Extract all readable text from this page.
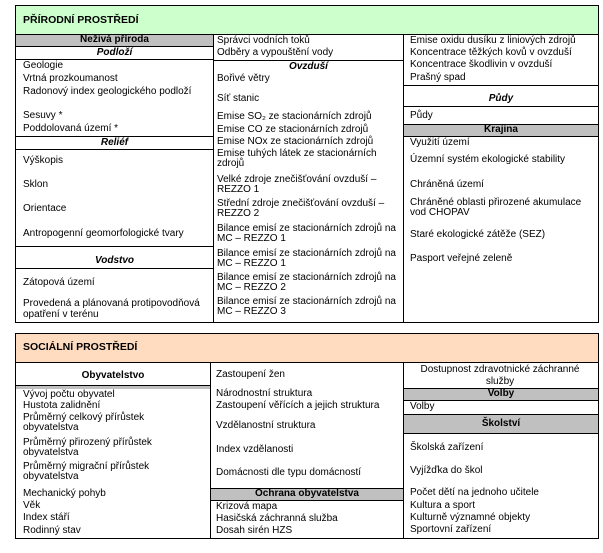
PŘÍRODNÍ PROSTŘEDÍ
Neživá příroda
Podloží
Geologie
Vrtná prozkoumanost
Radonový index geologického podloží
Sesuvy *
Poddolovaná území *
Reliéf
Výškopis
Sklon
Orientace
Antropogenní geomorfologické tvary
Vodstvo
Zátopová území
Provedená a plánovaná protipovodňová opatření v terénu
Správci vodních toků
Odběry a vypouštění vody
Ovzduší
Bořivé větry
Síť stanic
Emise SO₂ ze stacionárních zdrojů
Emise CO ze stacionárních zdrojů
Emise NOx ze stacionárních zdrojů
Emise tuhých látek ze stacionárních zdrojů
Velké zdroje znečišťování ovzduší – REZZO 1
Střední zdroje znečišťování ovzduší – REZZO 2
Bilance emisí ze stacionárních zdrojů na MC – REZZO 1
Bilance emisí ze stacionárních zdrojů na MC – REZZO 1
Bilance emisí ze stacionárních zdrojů na MC – REZZO 2
Bilance emisí ze stacionárních zdrojů na MC – REZZO 3
Emise oxidu dusíku z liniových zdrojů
Koncentrace těžkých kovů v ovzduší
Koncentrace škodlivin v ovzduší
Prašný spad
Půdy
Půdy
Krajina
Využití území
Územní systém ekologické stability
Chráněná území
Chráněné oblasti přirozené akumulace vod CHOPAV
Staré ekologické zátěže (SEZ)
Pasport veřejné zeleně
SOCIÁLNÍ PROSTŘEDÍ
Obyvatelstvo
Vývoj počtu obyvatel
Hustota zalidnění
Průměrný celkový přírůstek obyvatelstva
Průměrný přirozený přírůstek obyvatelstva
Průměrný migrační přírůstek obyvatelstva
Mechanický pohyb
Věk
Index stáří
Rodinný stav
Zastoupení žen
Národnostní struktura
Zastoupení věřících a jejich struktura
Vzdělanostní struktura
Index vzdělanosti
Domácnosti dle typu domácností
Ochrana obyvatelstva
Krizová mapa
Hasičská záchranná služba
Dosah sirén HZS
Dostupnost zdravotnické záchranné služby
Volby
Volby
Školství
Školská zařízení
Vyjížďka do škol
Počet dětí na jednoho učitele
Kultura a sport
Kulturně významné objekty
Sportovní zařízení
